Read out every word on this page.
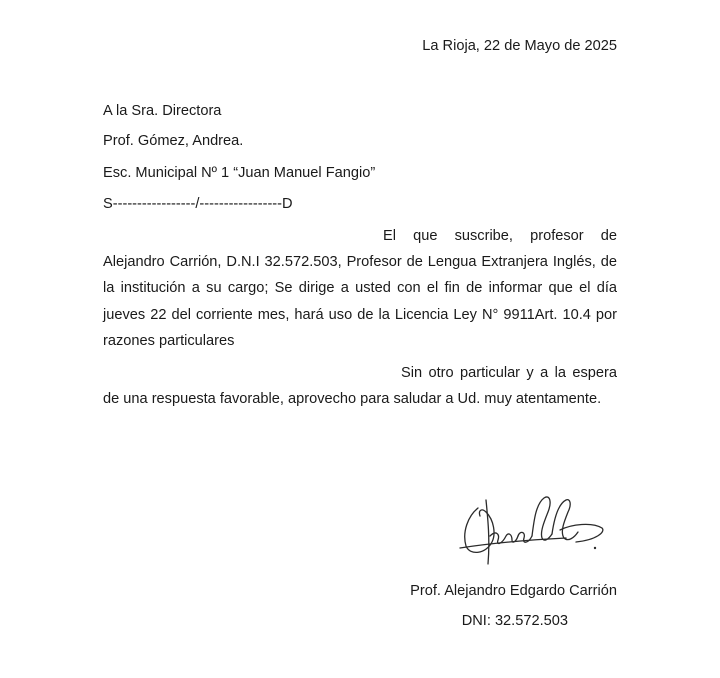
La Rioja, 22 de Mayo de 2025
A la Sra. Directora
Prof. Gómez, Andrea.
Esc. Municipal Nº 1 “Juan Manuel Fangio”
S-----------------/-----------------D
El que suscribe, profesor de Alejandro Carrión, D.N.I 32.572.503, Profesor de Lengua Extranjera Inglés, de la institución a su cargo; Se dirige a usted con el fin de informar que el día jueves 22 del corriente mes, hará uso de la Licencia Ley N° 9911Art. 10.4 por razones particulares
Sin otro particular y a la espera de una respuesta favorable, aprovecho para saludar a Ud. muy atentamente.
Prof. Alejandro Edgardo Carrión
DNI: 32.572.503
